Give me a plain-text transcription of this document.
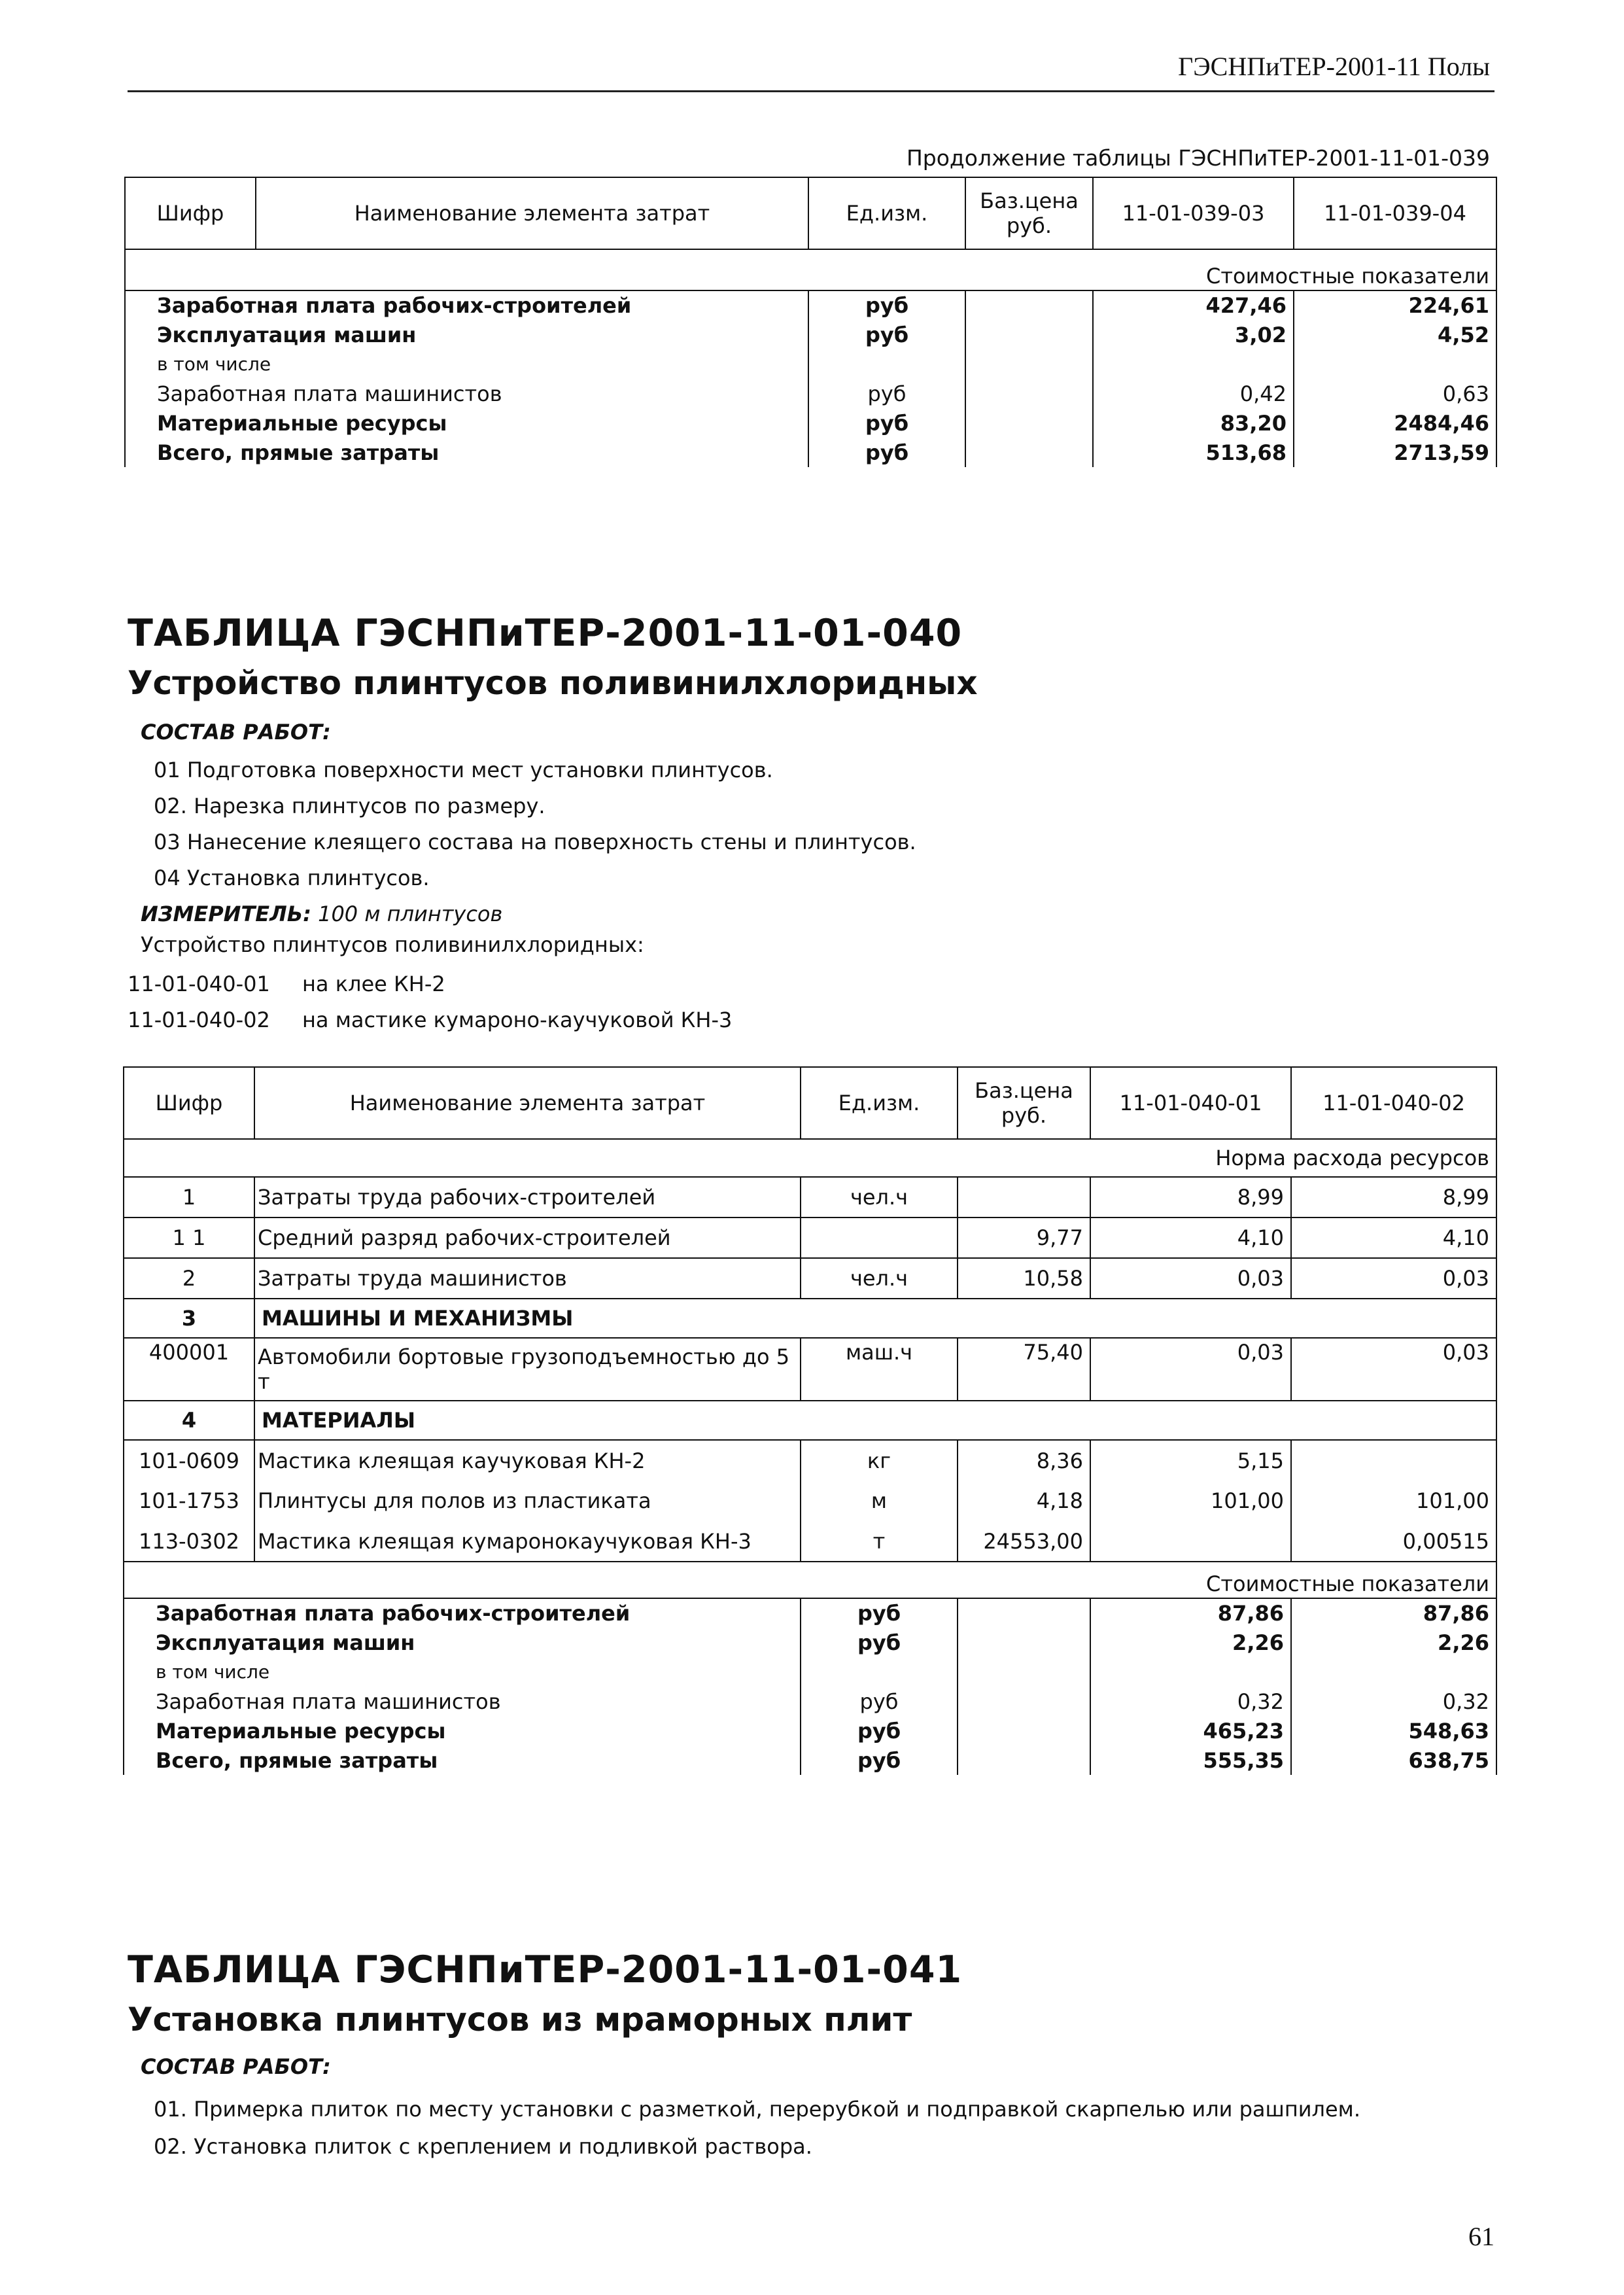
ГЭСНПиТЕР-2001-11 Полы
Продолжение таблицы ГЭСНПиТЕР-2001-11-01-039
Шифр	Наименование элемента затрат	Ед.изм.	Баз.цена руб.	11-01-039-03	11-01-039-04

Стоимостные показатели					
Заработная плата рабочих-строителей		руб		427,46	224,61
Эксплуатация машин		руб		3,02	4,52
в том числе					
Заработная плата машинистов		руб		0,42	0,63
Материальные ресурсы		руб		83,20	2484,46
Всего, прямые затраты		руб		513,68	2713,59
ТАБЛИЦА ГЭСНПиТЕР-2001-11-01-040
Устройство плинтусов поливинилхлоридных
СОСТАВ РАБОТ:
01 Подготовка поверхности мест установки плинтусов.
02. Нарезка плинтусов по размеру.
03 Нанесение клеящего состава на поверхность стены и плинтусов.
04 Установка плинтусов.
ИЗМЕРИТЕЛЬ: 100 м плинтусов
Устройство плинтусов поливинилхлоридных:
11-01-040-01 на клее КН-2
11-01-040-02 на мастике кумароно-каучуковой КН-3
Шифр	Наименование элемента затрат	Ед.изм.	Баз.цена руб.	11-01-040-01	11-01-040-02
Норма расхода ресурсов					
1	Затраты труда рабочих-строителей	чел.ч		8,99	8,99
1 1	Средний разряд рабочих-строителей		9,77	4,10	4,10
2	Затраты труда машинистов	чел.ч	10,58	0,03	0,03
3	МАШИНЫ И МЕХАНИЗМЫ				
400001	Автомобили бортовые грузоподъемностью до 5 т	маш.ч	75,40	0,03	0,03
4	МАТЕРИАЛЫ				
101-0609	Мастика клеящая каучуковая КН-2	кг	8,36	5,15	
101-1753	Плинтусы для полов из пластиката	м	4,18	101,00	101,00
113-0302	Мастика клеящая кумаронокаучуковая КН-3	т	24553,00		0,00515
Стоимостные показатели					
Заработная плата рабочих-строителей		руб		87,86	87,86
Эксплуатация машин		руб		2,26	2,26
в том числе					
Заработная плата машинистов		руб		0,32	0,32
Материальные ресурсы		руб		465,23	548,63
Всего, прямые затраты		руб		555,35	638,75
ТАБЛИЦА ГЭСНПиТЕР-2001-11-01-041
Установка плинтусов из мраморных плит
СОСТАВ РАБОТ:
01. Примерка плиток по месту установки с разметкой, перерубкой и подправкой скарпелью или рашпилем.
02. Установка плиток с креплением и подливкой раствора.
61
